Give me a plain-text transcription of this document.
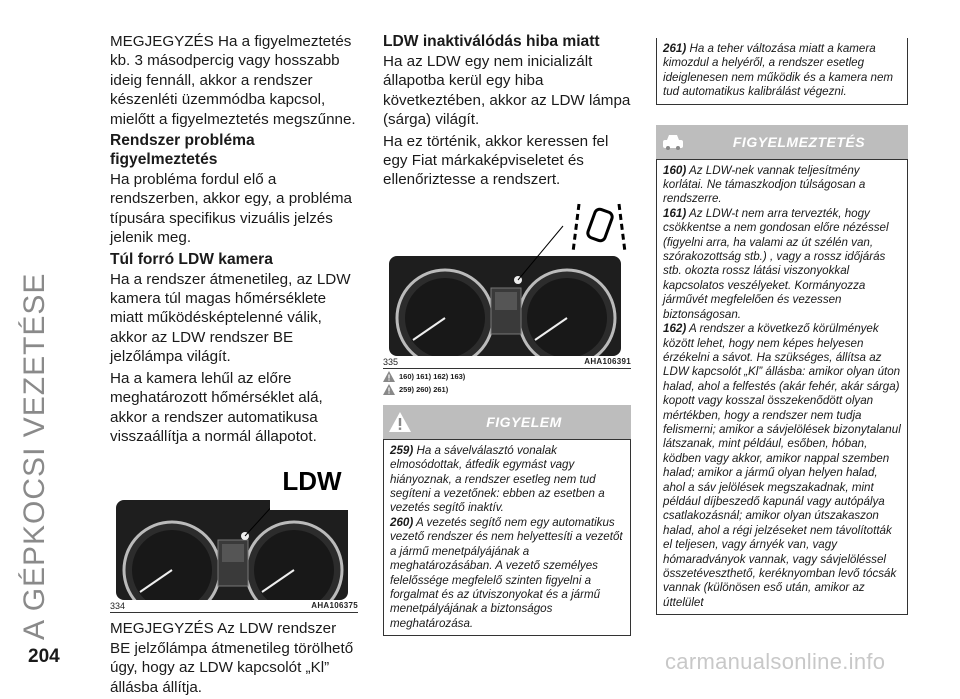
A GÉPKOCSI VEZETÉSE

MEGJEGYZÉS Ha a figyelmeztetés kb. 3 másodpercig vagy hosszabb ideig fennáll, akkor a rendszer készenléti üzemmódba kapcsol, mielőtt a figyelmeztetés megszűnne.

Rendszer probléma figyelmeztetés

Ha probléma fordul elő a rendszerben, akkor egy, a probléma típusára specifikus vizuális jelzés jelenik meg.

Túl forró LDW kamera

Ha a rendszer átmenetileg, az LDW kamera túl magas hőmérséklete miatt működésképtelenné válik, akkor az LDW rendszer BE jelzőlámpa világít.

Ha a kamera lehűl az előre meghatározott hőmérséklet alá, akkor a rendszer automatikusa visszaállítja a normál állapotot.

LDW
334	AHA106375

MEGJEGYZÉS Az LDW rendszer BE jelzőlámpa átmenetileg törölhető úgy, hogy az LDW kapcsolót „Kl” állásba állítja.

LDW inaktiválódás hiba miatt

Ha az LDW egy nem inicializált állapotba kerül egy hiba következtében, akkor az LDW lámpa (sárga) világít.

Ha ez történik, akkor keressen fel egy Fiat márkaképviseletet és ellenőriztesse a rendszert.

335	AHA106391
160) 161) 162) 163)
259) 260) 261)
FIGYELEM

259) Ha a sávelválasztó vonalak elmosódottak, átfedik egymást vagy hiányoznak, a rendszer esetleg nem tud segíteni a vezetőnek: ebben az esetben a vezetés segítő inaktív.

260) A vezetés segítő nem egy automatikus vezető rendszer és nem helyettesíti a vezetőt a jármű menetpályájának a meghatározásában. A vezető személyes felelőssége megfelelő szinten figyelni a forgalmat és az útviszonyokat és a jármű menetpályájának a biztonságos meghatározása.

261) Ha a teher változása miatt a kamera kimozdul a helyéről, a rendszer esetleg ideiglenesen nem működik és a kamera nem tud automatikus kalibrálást végezni.

FIGYELMEZTETÉS

160) Az LDW-nek vannak teljesítmény korlátai. Ne támaszkodjon túlságosan a rendszerre.

161) Az LDW-t nem arra tervezték, hogy csökkentse a nem gondosan előre nézéssel (figyelni arra, ha valami az út szélén van, szórakozottság stb.) , vagy a rossz időjárás stb. okozta rossz látási viszonyokkal kapcsolatos veszélyeket. Kormányozza járművét megfelelően és vezessen biztonságosan.

162) A rendszer a következő körülmények között lehet, hogy nem képes helyesen érzékelni a sávot. Ha szükséges, állítsa az LDW kapcsolót „Kl” állásba: amikor olyan úton halad, ahol a felfestés (akár fehér, akár sárga) kopott vagy kosszal összekenődött olyan mértékben, hogy a rendszer nem tudja felismerni; amikor a sávjelölések bizonytalanul látszanak, mint például, esőben, hóban, ködben vagy akkor, amikor nappal szemben halad; amikor a jármű olyan helyen halad, ahol a sáv jelölések megszakadnak, mint például díjbeszedő kapunál vagy autópálya csatlakozásnál; amikor olyan útszakaszon halad, ahol a régi jelzéseket nem távolították el teljesen, vagy árnyék van, vagy hómaradványok vannak, vagy sávjelöléssel összetéveszthető, keréknyomban levő tócsák vannak (különösen eső után, amikor az úttelület

204	carmanualsonline.info
